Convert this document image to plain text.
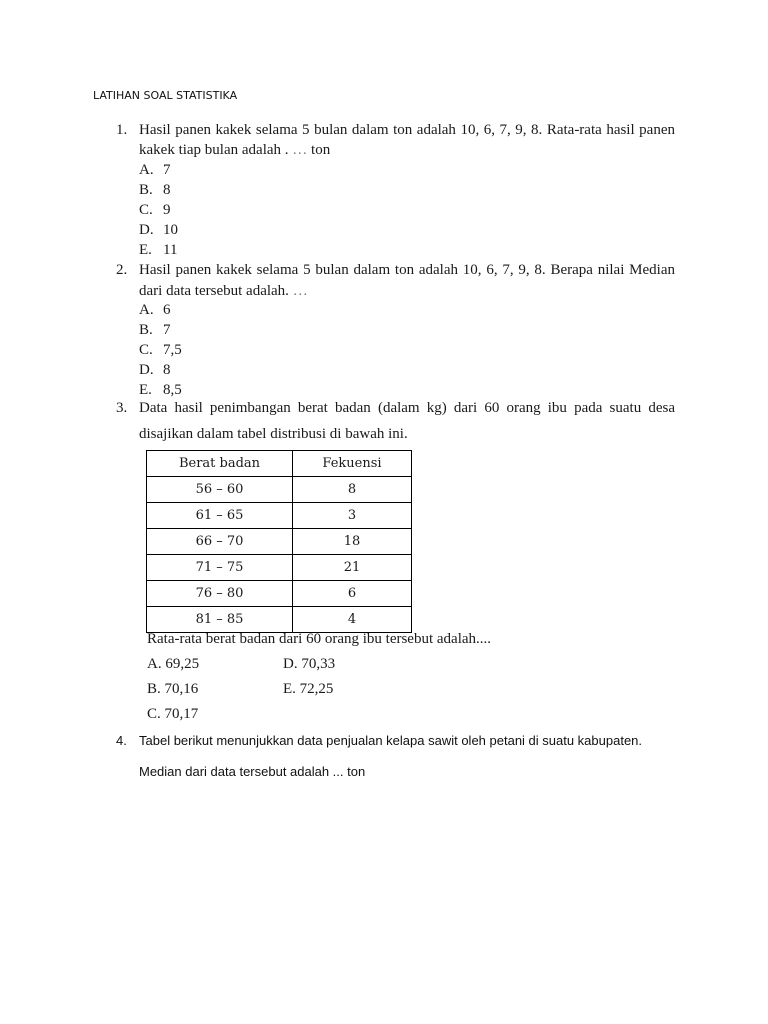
LATIHAN SOAL STATISTIKA
1. Hasil panen kakek selama 5 bulan dalam ton adalah 10, 6, 7, 9, 8. Rata-rata hasil panen
kakek tiap bulan adalah . … ton
A. 7
B. 8
C. 9
D. 10
E. 11
2. Hasil panen kakek selama 5 bulan dalam ton adalah 10, 6, 7, 9, 8. Berapa nilai Median
dari data tersebut adalah. …
A. 6
B. 7
C. 7,5
D. 8
E. 8,5
3. Data hasil penimbangan berat badan (dalam kg) dari 60 orang ibu pada suatu desa
disajikan dalam tabel distribusi di bawah ini.
Berat badan	Fekuensi
56 – 60	8
61 – 65	3
66 – 70	18
71 – 75	21
76 – 80	6
81 – 85	4
Rata-rata berat badan dari 60 orang ibu tersebut adalah....
A. 69,25	D. 70,33
B. 70,16	E. 72,25
C. 70,17
4. Tabel berikut menunjukkan data penjualan kelapa sawit oleh petani di suatu kabupaten.
Median dari data tersebut adalah ... ton
